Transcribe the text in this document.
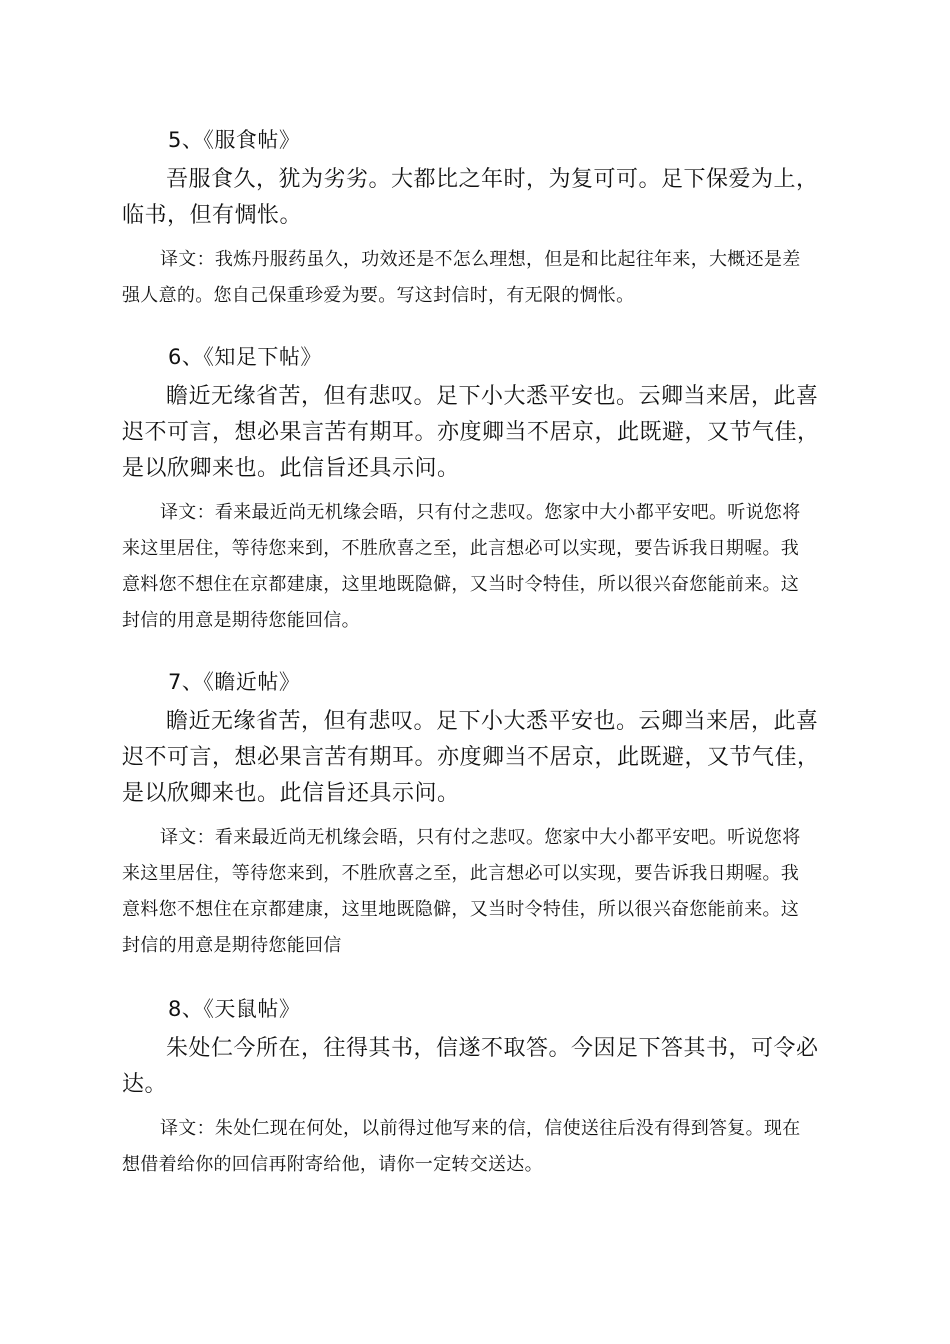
5、《服食帖》

吾服食久，犹为劣劣。大都比之年时，为复可可。足下保爱为上，
临书，但有惆怅。

译文：我炼丹服药虽久，功效还是不怎么理想，但是和比起往年来，大概还是差
强人意的。您自己保重珍爱为要。写这封信时，有无限的惆怅。

6、《知足下帖》

瞻近无缘省苦，但有悲叹。足下小大悉平安也。云卿当来居，此喜
迟不可言，想必果言苦有期耳。亦度卿当不居京，此既避，又节气佳，
是以欣卿来也。此信旨还具示问。

译文：看来最近尚无机缘会晤，只有付之悲叹。您家中大小都平安吧。听说您将
来这里居住，等待您来到，不胜欣喜之至，此言想必可以实现，要告诉我日期喔。我
意料您不想住在京都建康，这里地既隐僻，又当时令特佳，所以很兴奋您能前来。这
封信的用意是期待您能回信。

7、《瞻近帖》

瞻近无缘省苦，但有悲叹。足下小大悉平安也。云卿当来居，此喜
迟不可言，想必果言苦有期耳。亦度卿当不居京，此既避，又节气佳，
是以欣卿来也。此信旨还具示问。

译文：看来最近尚无机缘会晤，只有付之悲叹。您家中大小都平安吧。听说您将
来这里居住，等待您来到，不胜欣喜之至，此言想必可以实现，要告诉我日期喔。我
意料您不想住在京都建康，这里地既隐僻，又当时令特佳，所以很兴奋您能前来。这
封信的用意是期待您能回信

8、《天鼠帖》

朱处仁今所在，往得其书，信遂不取答。今因足下答其书，可令必
达。

译文：朱处仁现在何处，以前得过他写来的信，信使送往后没有得到答复。现在
想借着给你的回信再附寄给他，请你一定转交送达。
